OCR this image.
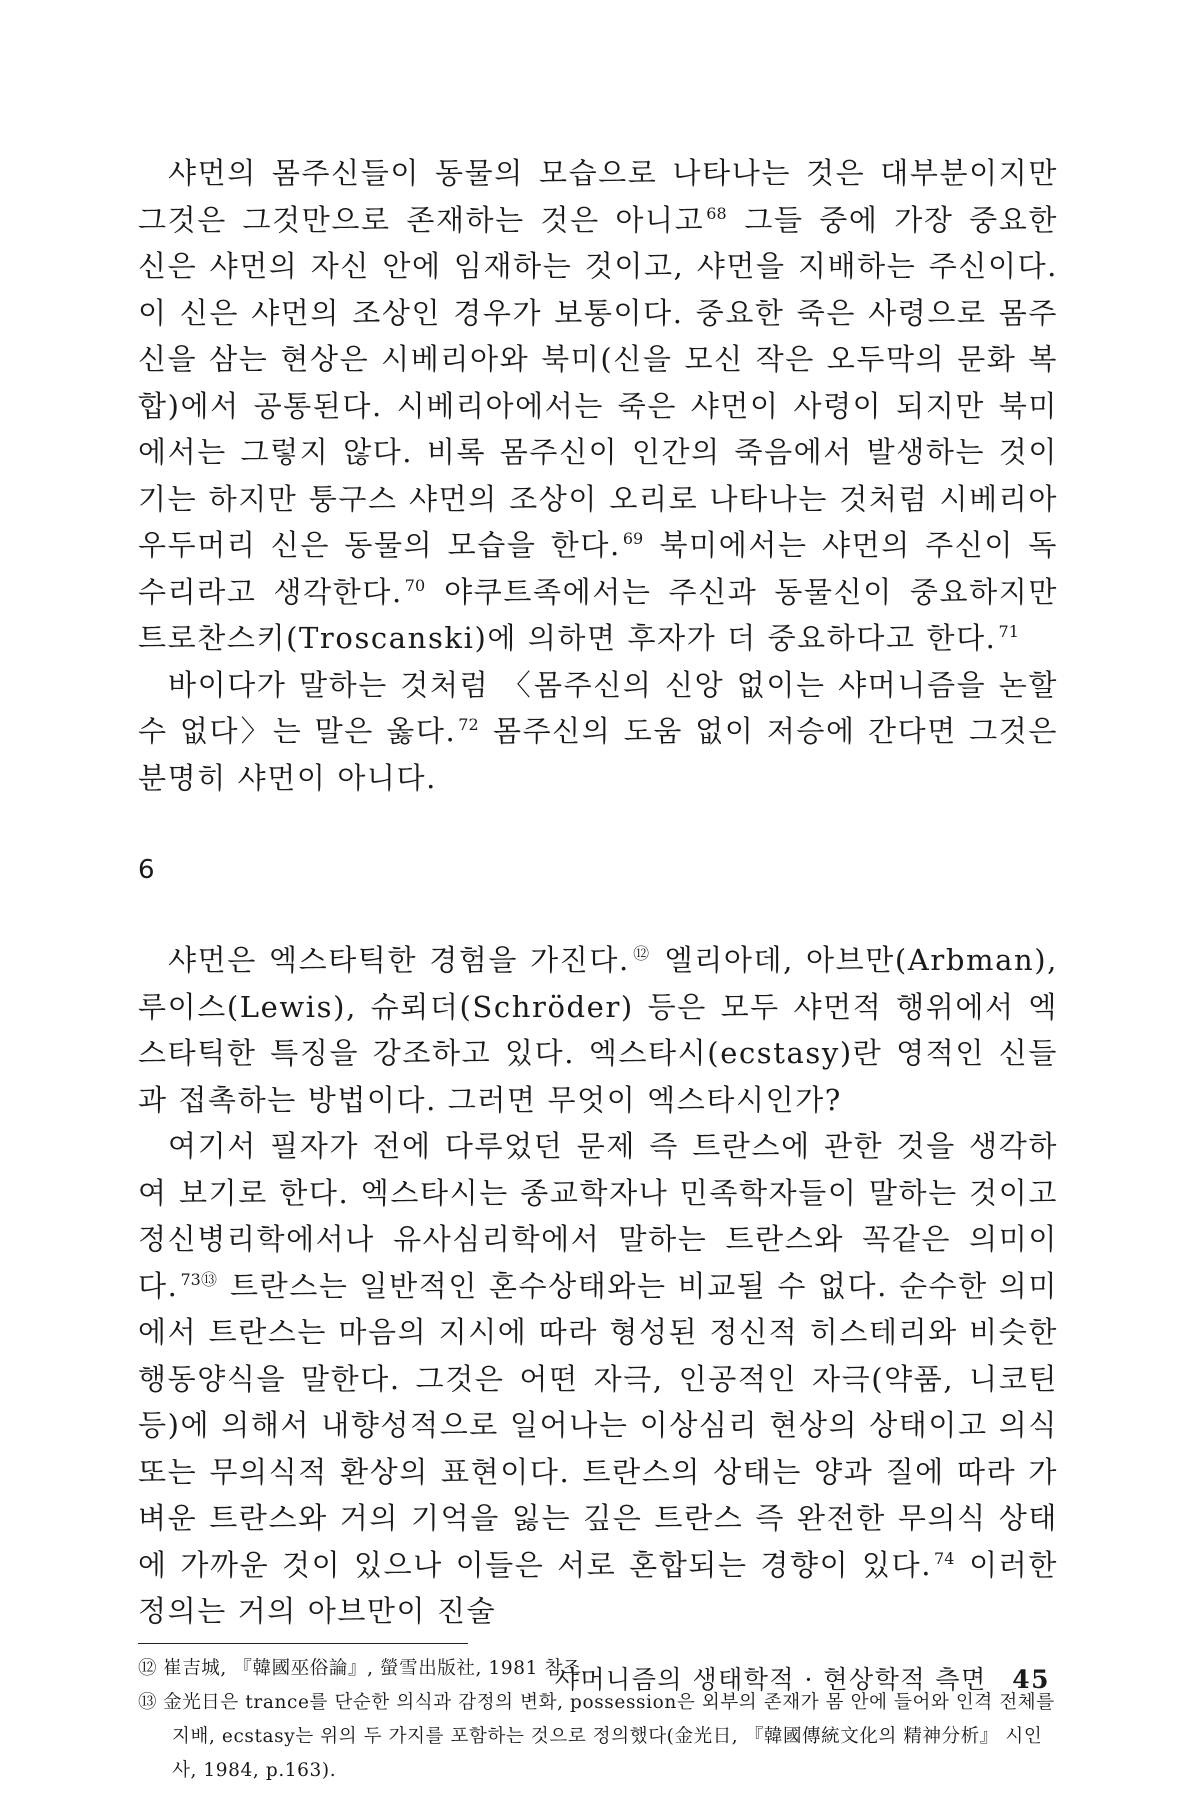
샤먼의 몸주신들이 동물의 모습으로 나타나는 것은 대부분이지만 그것은 그것만으로 존재하는 것은 아니고 $^{68}$ 그들 중에 가장 중요한 신은 샤먼의 자신 안에 임재하는 것이고, 샤먼을 지배하는 주신이다. 이 신은 샤먼의 조상인 경우가 보통이다. 중요한 죽은 사령으로 몸주신을 삼는 현상은 시베리아와 북미(신을 모신 작은 오두막의 문화 복합)에서 공통된다. 시베리아에서는 죽은 샤먼이 사령이 되지만 북미에서는 그렇지 않다. 비록 몸주신이 인간의 죽음에서 발생하는 것이기는 하지만 퉁구스 샤먼의 조상이 오리로 나타나는 것처럼 시베리아 우두머리 신은 동물의 모습을 한다. $^{69}$ 북미에서는 샤먼의 주신이 독수리라고 생각한다. $^{70}$ 야쿠트족에서는 주신과 동물신이 중요하지만 트로찬스키(Troscanski)에 의하면 후자가 더 중요하다고 한다. $^{71}$

바이다가 말하는 것처럼 〈몸주신의 신앙 없이는 샤머니즘을 논할 수 없다〉는 말은 옳다. $^{72}$ 몸주신의 도움 없이 저승에 간다면 그것은 분명히 샤먼이 아니다.

6

샤먼은 엑스타틱한 경험을 가진다. ⑫ 엘리아데, 아브만(Arbman), 루이스(Lewis), 슈뢰더(Schröder) 등은 모두 샤먼적 행위에서 엑스타틱한 특징을 강조하고 있다. 엑스타시(ecstasy)란 영적인 신들과 접촉하는 방법이다. 그러면 무엇이 엑스타시인가?

여기서 필자가 전에 다루었던 문제 즉 트란스에 관한 것을 생각하여 보기로 한다. 엑스타시는 종교학자나 민족학자들이 말하는 것이고 정신병리학에서나 유사심리학에서 말하는 트란스와 꼭같은 의미이다. $^{73⑬}$ 트란스는 일반적인 혼수상태와는 비교될 수 없다. 순수한 의미에서 트란스는 마음의 지시에 따라 형성된 정신적 히스테리와 비슷한 행동양식을 말한다. 그것은 어떤 자극, 인공적인 자극(약품, 니코틴 등)에 의해서 내향성적으로 일어나는 이상심리 현상의 상태이고 의식 또는 무의식적 환상의 표현이다. 트란스의 상태는 양과 질에 따라 가벼운 트란스와 거의 기억을 잃는 깊은 트란스 즉 완전한 무의식 상태에 가까운 것이 있으나 이들은 서로 혼합되는 경향이 있다. $^{74}$ 이러한 정의는 거의 아브만이 진술

⑫ 崔吉城, 『韓國巫俗論』, 螢雪出版社, 1981 참조.

⑬ 金光日은 trance를 단순한 의식과 감정의 변화, possession은 외부의 존재가 몸 안에 들어와 인격 전체를 지배, ecstasy는 위의 두 가지를 포함하는 것으로 정의했다(金光日, 『韓國傳統文化의 精神分析』 시인사, 1984, p.163).

샤머니즘의 생태학적 · 현상학적 측면 45
